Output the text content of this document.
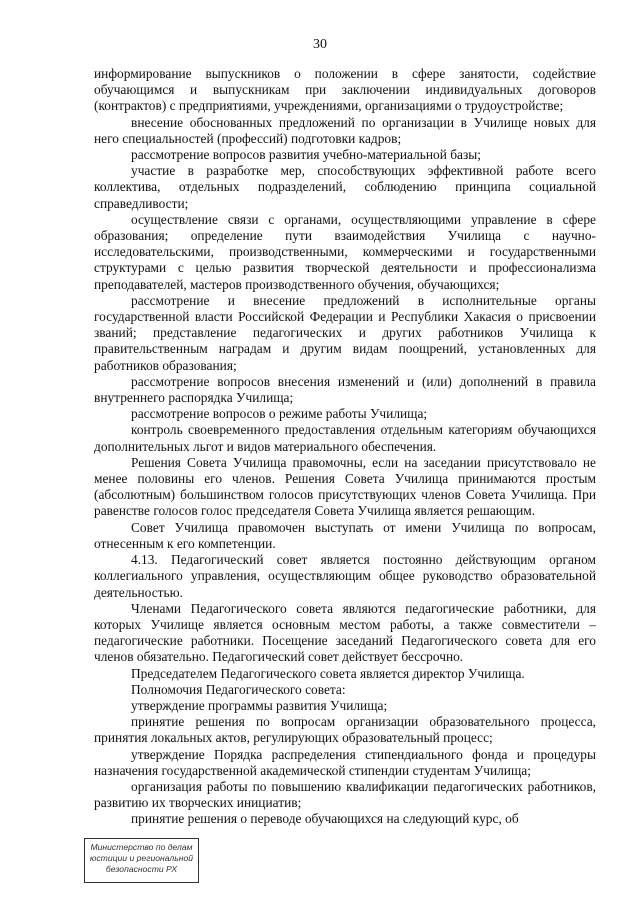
30

информирование выпускников о положении в сфере занятости, содействие обучающимся и выпускникам при заключении индивидуальных договоров (контрактов) с предприятиями, учреждениями, организациями о трудоустройстве;

внесение обоснованных предложений по организации в Училище новых для него специальностей (профессий) подготовки кадров;

рассмотрение вопросов развития учебно-материальной базы;

участие в разработке мер, способствующих эффективной работе всего коллектива, отдельных подразделений, соблюдению принципа социальной справедливости;

осуществление связи с органами, осуществляющими управление в сфере образования; определение пути взаимодействия Училища с научно-исследовательскими, производственными, коммерческими и государственными структурами с целью развития творческой деятельности и профессионализма преподавателей, мастеров производственного обучения, обучающихся;

рассмотрение и внесение предложений в исполнительные органы государственной власти Российской Федерации и Республики Хакасия о присвоении званий; представление педагогических и других работников Училища к правительственным наградам и другим видам поощрений, установленных для работников образования;

рассмотрение вопросов внесения изменений и (или) дополнений в правила внутреннего распорядка Училища;

рассмотрение вопросов о режиме работы Училища;

контроль своевременного предоставления отдельным категориям обучающихся дополнительных льгот и видов материального обеспечения.

Решения Совета Училища правомочны, если на заседании присутствовало не менее половины его членов. Решения Совета Училища принимаются простым (абсолютным) большинством голосов присутствующих членов Совета Училища. При равенстве голосов голос председателя Совета Училища является решающим.

Совет Училища правомочен выступать от имени Училища по вопросам, отнесенным к его компетенции.

4.13. Педагогический совет является постоянно действующим органом коллегиального управления, осуществляющим общее руководство образовательной деятельностью.

Членами Педагогического совета являются педагогические работники, для которых Училище является основным местом работы, а также совместители – педагогические работники. Посещение заседаний Педагогического совета для его членов обязательно. Педагогический совет действует бессрочно.

Председателем Педагогического совета является директор Училища.

Полномочия Педагогического совета:

утверждение программы развития Училища;

принятие решения по вопросам организации образовательного процесса, принятия локальных актов, регулирующих образовательный процесс;

утверждение Порядка распределения стипендиального фонда и процедуры назначения государственной академической стипендии студентам Училища;

организация работы по повышению квалификации педагогических работников, развитию их творческих инициатив;

принятие решения о переводе обучающихся на следующий курс, об

Министерство по делам
юстиции и региональной
безопасности РХ
